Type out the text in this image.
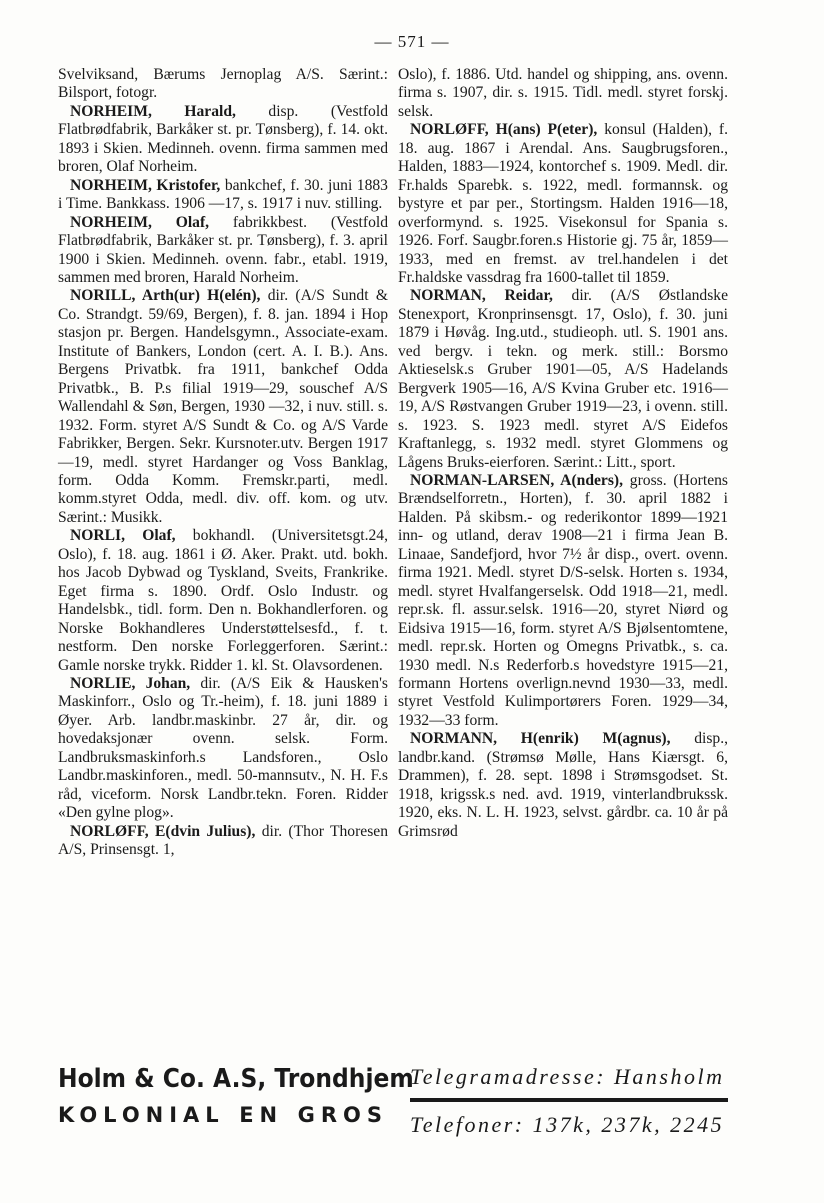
— 571 —

Svelviksand, Bærums Jernoplag A/S. Særint.: Bilsport, fotogr.

NORHEIM, Harald, disp. (Vestfold Flatbrødfabrik, Barkåker st. pr. Tønsberg), f. 14. okt. 1893 i Skien. Medinneh. ovenn. firma sammen med broren, Olaf Norheim.

NORHEIM, Kristofer, bankchef, f. 30. juni 1883 i Time. Bankkass. 1906 —17, s. 1917 i nuv. stilling.

NORHEIM, Olaf, fabrikkbest. (Vestfold Flatbrødfabrik, Barkåker st. pr. Tønsberg), f. 3. april 1900 i Skien. Medinneh. ovenn. fabr., etabl. 1919, sammen med broren, Harald Norheim.

NORILL, Arth(ur) H(elén), dir. (A/S Sundt & Co. Strandgt. 59/69, Bergen), f. 8. jan. 1894 i Hop stasjon pr. Bergen. Handelsgymn., Associate-exam. Institute of Bankers, London (cert. A. I. B.). Ans. Bergens Privatbk. fra 1911, bankchef Odda Privatbk., B. P.s filial 1919—29, souschef A/S Wallendahl & Søn, Bergen, 1930 —32, i nuv. still. s. 1932. Form. styret A/S Sundt & Co. og A/S Varde Fabrikker, Bergen. Sekr. Kursnoter.utv. Bergen 1917—19, medl. styret Hardanger og Voss Banklag, form. Odda Komm. Fremskr.parti, medl. komm.styret Odda, medl. div. off. kom. og utv. Særint.: Musikk.

NORLI, Olaf, bokhandl. (Universitetsgt.24, Oslo), f. 18. aug. 1861 i Ø. Aker. Prakt. utd. bokh. hos Jacob Dybwad og Tyskland, Sveits, Frankrike. Eget firma s. 1890. Ordf. Oslo Industr. og Handelsbk., tidl. form. Den n. Bokhandlerforen. og Norske Bokhandleres Understøttelsesfd., f. t. nestform. Den norske Forleggerforen. Særint.: Gamle norske trykk. Ridder 1. kl. St. Olavsordenen.

NORLIE, Johan, dir. (A/S Eik & Hausken's Maskinforr., Oslo og Tr.-heim), f. 18. juni 1889 i Øyer. Arb. landbr.maskinbr. 27 år, dir. og hovedaksjonær ovenn. selsk. Form. Landbruksmaskinforh.s Landsforen., Oslo Landbr.maskinforen., medl. 50-mannsutv., N. H. F.s råd, viceform. Norsk Landbr.tekn. Foren. Ridder «Den gylne plog».

NORLØFF, E(dvin Julius), dir. (Thor Thoresen A/S, Prinsensgt. 1,

Oslo), f. 1886. Utd. handel og shipping, ans. ovenn. firma s. 1907, dir. s. 1915. Tidl. medl. styret forskj. selsk.

NORLØFF, H(ans) P(eter), konsul (Halden), f. 18. aug. 1867 i Arendal. Ans. Saugbrugsforen., Halden, 1883—1924, kontorchef s. 1909. Medl. dir. Fr.halds Sparebk. s. 1922, medl. formannsk. og bystyre et par per., Stortingsm. Halden 1916—18, overformynd. s. 1925. Visekonsul for Spania s. 1926. Forf. Saugbr.foren.s Historie gj. 75 år, 1859—1933, med en fremst. av trel.handelen i det Fr.haldske vassdrag fra 1600-tallet til 1859.

NORMAN, Reidar, dir. (A/S Østlandske Stenexport, Kronprinsensgt. 17, Oslo), f. 30. juni 1879 i Høvåg. Ing.utd., studieoph. utl. S. 1901 ans. ved bergv. i tekn. og merk. still.: Borsmo Aktieselsk.s Gruber 1901—05, A/S Hadelands Bergverk 1905—16, A/S Kvina Gruber etc. 1916—19, A/S Røstvangen Gruber 1919—23, i ovenn. still. s. 1923. S. 1923 medl. styret A/S Eidefos Kraftanlegg, s. 1932 medl. styret Glommens og Lågens Bruks-eierforen. Særint.: Litt., sport.

NORMAN-LARSEN, A(nders), gross. (Hortens Brændselforretn., Horten), f. 30. april 1882 i Halden. På skibsm.- og rederikontor 1899—1921 inn- og utland, derav 1908—21 i firma Jean B. Linaae, Sandefjord, hvor 7½ år disp., overt. ovenn. firma 1921. Medl. styret D/S-selsk. Horten s. 1934, medl. styret Hvalfangerselsk. Odd 1918—21, medl. repr.sk. fl. assur.selsk. 1916—20, styret Niørd og Eidsiva 1915—16, form. styret A/S Bjølsentomtene, medl. repr.sk. Horten og Omegns Privatbk., s. ca. 1930 medl. N.s Rederforb.s hovedstyre 1915—21, formann Hortens overlign.nevnd 1930—33, medl. styret Vestfold Kulimportørers Foren. 1929—34, 1932—33 form.

NORMANN, H(enrik) M(agnus), disp., landbr.kand. (Strømsø Mølle, Hans Kiærsgt. 6, Drammen), f. 28. sept. 1898 i Strømsgodset. St. 1918, krigssk.s ned. avd. 1919, vinterlandbrukssk. 1920, eks. N. L. H. 1923, selvst. gårdbr. ca. 10 år på Grimsrød

Holm & Co. A.S, Trondhjem
KOLONIAL EN GROS
Telegramadresse: Hansholm
Telefoner: 137k, 237k, 2245
